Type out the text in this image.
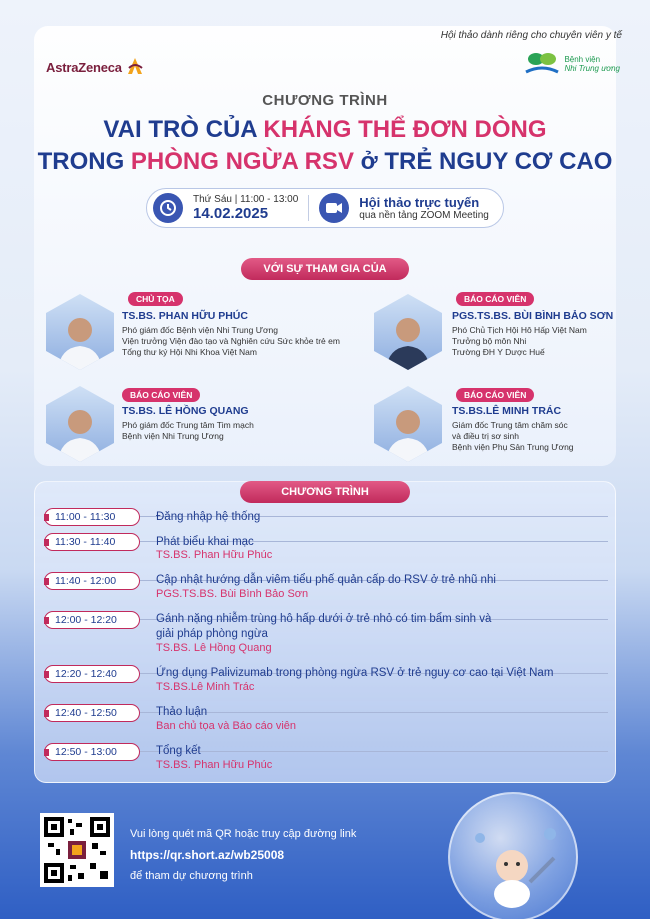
Hội thảo dành riêng cho chuyên viên y tế
AstraZeneca	Bệnh viện
Nhi Trung ương
CHƯƠNG TRÌNH
VAI TRÒ CỦA KHÁNG THỂ ĐƠN DÒNG
TRONG PHÒNG NGỪA RSV ở TRẺ NGUY CƠ CAO
Thứ Sáu | 11:00 - 13:00
14.02.2025
Hội thảo trực tuyến
qua nền tảng ZOOM Meeting
VỚI SỰ THAM GIA CỦA
CHỦ TỌA
TS.BS. PHAN HỮU PHÚC
Phó giám đốc Bệnh viện Nhi Trung Ương
Viện trưởng Viện đào tạo và Nghiên cứu Sức khỏe trẻ em
Tổng thư ký Hội Nhi Khoa Việt Nam
BÁO CÁO VIÊN
PGS.TS.BS. BÙI BÌNH BẢO SƠN
Phó Chủ Tịch Hội Hô Hấp Việt Nam
Trưởng bộ môn Nhi
Trường ĐH Y Dược Huế
BÁO CÁO VIÊN
TS.BS. LÊ HỒNG QUANG
Phó giám đốc Trung tâm Tim mạch
Bệnh viện Nhi Trung Ương
BÁO CÁO VIÊN
TS.BS.LÊ MINH TRÁC
Giám đốc Trung tâm chăm sóc
và điều trị sơ sinh
Bệnh viện Phụ Sản Trung Ương
CHƯƠNG TRÌNH
11:00 - 11:30	Đăng nhập hệ thống
11:30 - 11:40	Phát biểu khai mạc
TS.BS. Phan Hữu Phúc
11:40 - 12:00	Cập nhật hướng dẫn viêm tiểu phế quản cấp do RSV ở trẻ nhũ nhi
PGS.TS.BS. Bùi Bình Bảo Sơn
12:00 - 12:20	Gánh nặng nhiễm trùng hô hấp dưới ở trẻ nhỏ có tim bẩm sinh và
giải pháp phòng ngừa
TS.BS. Lê Hồng Quang
12:20 - 12:40	Ứng dụng Palivizumab trong phòng ngừa RSV ở trẻ nguy cơ cao tại Việt Nam
TS.BS.Lê Minh Trác
12:40 - 12:50	Thảo luận
Ban chủ tọa và Báo cáo viên
12:50 - 13:00	Tổng kết
TS.BS. Phan Hữu Phúc
Vui lòng quét mã QR hoặc truy cập đường link
https://qr.short.az/wb25008
để tham dự chương trình
